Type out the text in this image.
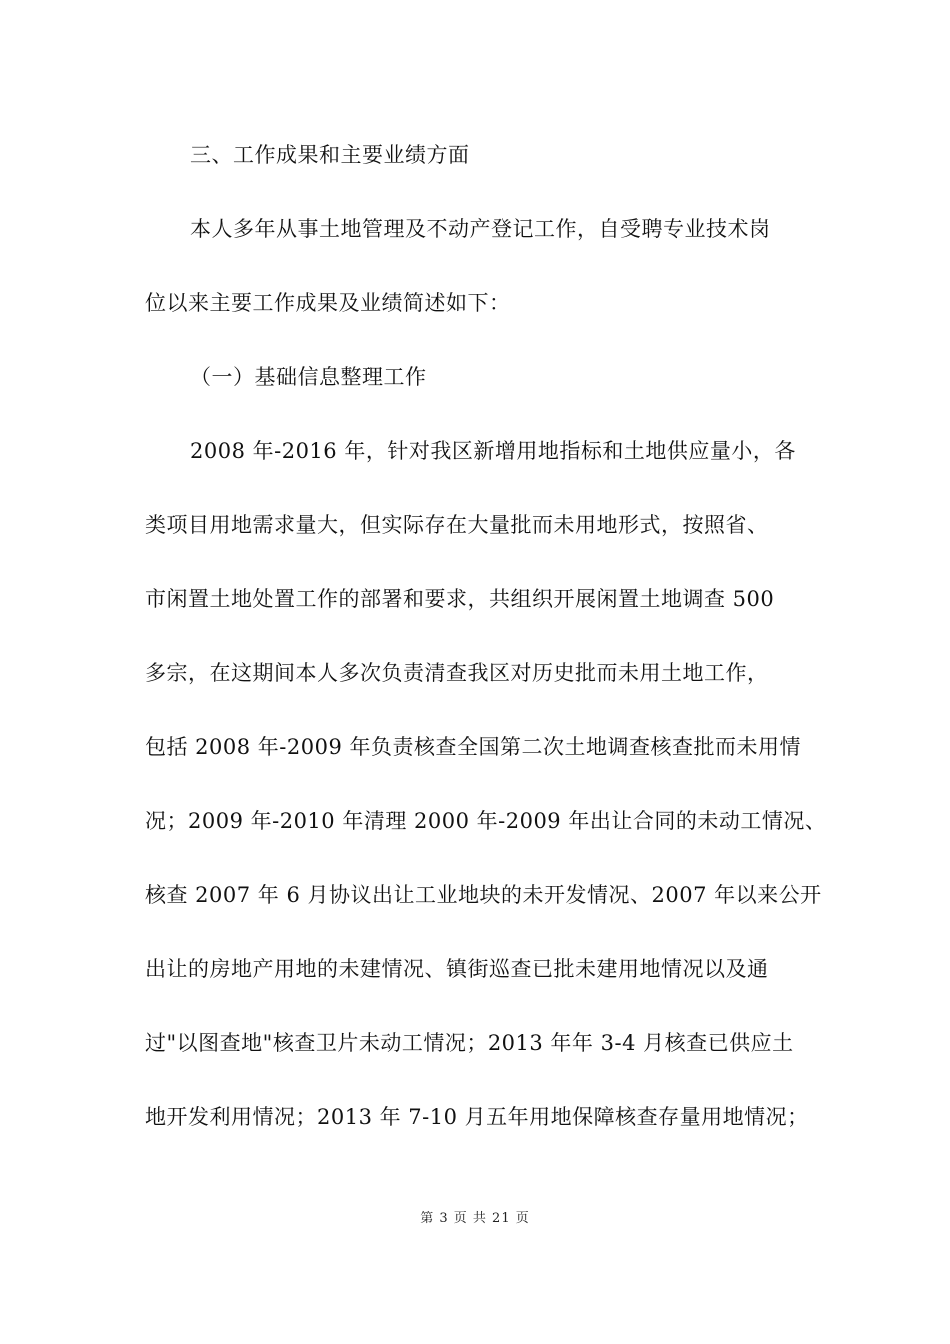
三、工作成果和主要业绩方面
本人多年从事土地管理及不动产登记工作，自受聘专业技术岗
位以来主要工作成果及业绩简述如下：
（一）基础信息整理工作
2008 年-2016 年，针对我区新增用地指标和土地供应量小，各
类项目用地需求量大，但实际存在大量批而未用地形式，按照省、
市闲置土地处置工作的部署和要求，共组织开展闲置土地调查 500
多宗，在这期间本人多次负责清查我区对历史批而未用土地工作，
包括 2008 年-2009 年负责核查全国第二次土地调查核查批而未用情
况；2009 年-2010 年清理 2000 年-2009 年出让合同的未动工情况、
核查 2007 年 6 月协议出让工业地块的未开发情况、2007 年以来公开
出让的房地产用地的未建情况、镇街巡查已批未建用地情况以及通
过"以图查地"核查卫片未动工情况；2013 年年 3-4 月核查已供应土
地开发利用情况；2013 年 7-10 月五年用地保障核查存量用地情况；
第 3 页 共 21 页
